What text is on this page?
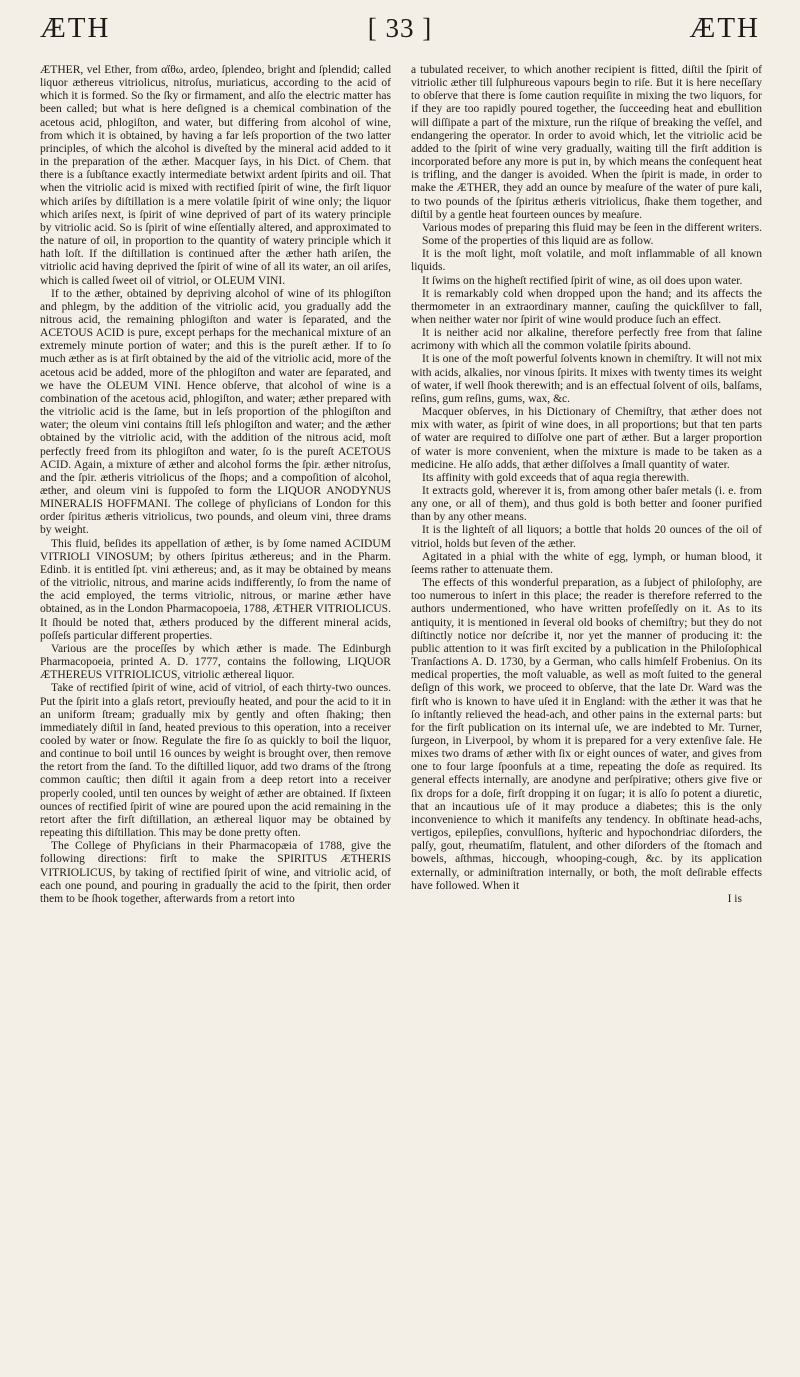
ÆTH	[ 33 ]	ÆTH

ÆTHER, vel Ether, from αἴθω, ardeo, ſplendeo, bright and ſplendid; called liquor æthereus vitriolicus, nitroſus, muriaticus, according to the acid of which it is formed. So the ſky or firmament, and alſo the electric matter has been called; but what is here deſigned is a chemical combination of the acetous acid, phlogiſton, and water, but differing from alcohol of wine, from which it is obtained, by having a far leſs proportion of the two latter principles, of which the alcohol is diveſted by the mineral acid added to it in the preparation of the æther. Macquer ſays, in his Dict. of Chem. that there is a ſubſtance exactly intermediate betwixt ardent ſpirits and oil. That when the vitriolic acid is mixed with rectified ſpirit of wine, the firſt liquor which ariſes by diſtillation is a mere volatile ſpirit of wine only; the liquor which ariſes next, is ſpirit of wine deprived of part of its watery principle by vitriolic acid. So is ſpirit of wine eſſentially altered, and approximated to the nature of oil, in proportion to the quantity of watery principle which it hath loſt. If the diſtillation is continued after the æther hath ariſen, the vitriolic acid having deprived the ſpirit of wine of all its water, an oil ariſes, which is called ſweet oil of vitriol, or OLEUM VINI.

If to the æther, obtained by depriving alcohol of wine of its phlogiſton and phlegm, by the addition of the vitriolic acid, you gradually add the nitrous acid, the remaining phlogiſton and water is ſeparated, and the ACETOUS ACID is pure, except perhaps for the mechanical mixture of an extremely minute portion of water; and this is the pureſt æther. If to ſo much æther as is at firſt obtained by the aid of the vitriolic acid, more of the acetous acid be added, more of the phlogiſton and water are ſeparated, and we have the OLEUM VINI. Hence obſerve, that alcohol of wine is a combination of the acetous acid, phlogiſton, and water; æther prepared with the vitriolic acid is the ſame, but in leſs proportion of the phlogiſton and water; the oleum vini contains ſtill leſs phlogiſton and water; and the æther obtained by the vitriolic acid, with the addition of the nitrous acid, moſt perfectly freed from its phlogiſton and water, ſo is the pureſt ACETOUS ACID. Again, a mixture of æther and alcohol forms the ſpir. æther nitroſus, and the ſpir. ætheris vitriolicus of the ſhops; and a compoſition of alcohol, æther, and oleum vini is ſuppoſed to form the LIQUOR ANODYNUS MINERALIS HOFFMANI. The college of phyſicians of London for this order ſpiritus ætheris vitriolicus, two pounds, and oleum vini, three drams by weight.

This fluid, beſides its appellation of æther, is by ſome named ACIDUM VITRIOLI VINOSUM; by others ſpiritus æthereus; and in the Pharm. Edinb. it is entitled ſpt. vini æthereus; and, as it may be obtained by means of the vitriolic, nitrous, and marine acids indifferently, ſo from the name of the acid employed, the terms vitriolic, nitrous, or marine æther have obtained, as in the London Pharmacopoeia, 1788, ÆTHER VITRIOLICUS. It ſhould be noted that, æthers produced by the different mineral acids, poſſeſs particular different properties.

Various are the proceſſes by which æther is made. The Edinburgh Pharmacopoeia, printed A. D. 1777, contains the following, LIQUOR ÆTHEREUS VITRIOLICUS, vitriolic æthereal liquor.

Take of rectified ſpirit of wine, acid of vitriol, of each thirty-two ounces. Put the ſpirit into a glaſs retort, previouſly heated, and pour the acid to it in an uniform ſtream; gradually mix by gently and often ſhaking; then immediately diſtil in ſand, heated previous to this operation, into a receiver cooled by water or ſnow. Regulate the fire ſo as quickly to boil the liquor, and continue to boil until 16 ounces by weight is brought over, then remove the retort from the ſand. To the diſtilled liquor, add two drams of the ſtrong common cauſtic; then diſtil it again from a deep retort into a receiver properly cooled, until ten ounces by weight of æther are obtained. If ſixteen ounces of rectified ſpirit of wine are poured upon the acid remaining in the retort after the firſt diſtillation, an æthereal liquor may be obtained by repeating this diſtillation. This may be done pretty often.

The College of Phyſicians in their Pharmacopæia of 1788, give the following directions: firſt to make the SPIRITUS ÆTHERIS VITRIOLICUS, by taking of rectified ſpirit of wine, and vitriolic acid, of each one pound, and pouring in gradually the acid to the ſpirit, then order them to be ſhook together, afterwards from a retort into

a tubulated receiver, to which another recipient is fitted, diſtil the ſpirit of vitriolic æther till ſulphureous vapours begin to riſe. But it is here neceſſary to obſerve that there is ſome caution requiſite in mixing the two liquors, for if they are too rapidly poured together, the ſucceeding heat and ebullition will diſſipate a part of the mixture, run the riſque of breaking the veſſel, and endangering the operator. In order to avoid which, let the vitriolic acid be added to the ſpirit of wine very gradually, waiting till the firſt addition is incorporated before any more is put in, by which means the conſequent heat is trifling, and the danger is avoided. When the ſpirit is made, in order to make the ÆTHER, they add an ounce by meaſure of the water of pure kali, to two pounds of the ſpiritus ætheris vitriolicus, ſhake them together, and diſtil by a gentle heat fourteen ounces by meaſure.

Various modes of preparing this fluid may be ſeen in the different writers.

Some of the properties of this liquid are as follow.

It is the moſt light, moſt volatile, and moſt inflammable of all known liquids.

It ſwims on the higheſt rectified ſpirit of wine, as oil does upon water.

It is remarkably cold when dropped upon the hand; and its affects the thermometer in an extraordinary manner, cauſing the quickſilver to fall, when neither water nor ſpirit of wine would produce ſuch an effect.

It is neither acid nor alkaline, therefore perfectly free from that ſaline acrimony with which all the common volatile ſpirits abound.

It is one of the moſt powerful ſolvents known in chemiſtry. It will not mix with acids, alkalies, nor vinous ſpirits. It mixes with twenty times its weight of water, if well ſhook therewith; and is an effectual ſolvent of oils, balſams, reſins, gum reſins, gums, wax, &c.

Macquer obſerves, in his Dictionary of Chemiſtry, that æther does not mix with water, as ſpirit of wine does, in all proportions; but that ten parts of water are required to diſſolve one part of æther. But a larger proportion of water is more convenient, when the mixture is made to be taken as a medicine. He alſo adds, that æther diſſolves a ſmall quantity of water.

Its affinity with gold exceeds that of aqua regia therewith.

It extracts gold, wherever it is, from among other baſer metals (i. e. from any one, or all of them), and thus gold is both better and ſooner purified than by any other means.

It is the lighteſt of all liquors; a bottle that holds 20 ounces of the oil of vitriol, holds but ſeven of the æther.

Agitated in a phial with the white of egg, lymph, or human blood, it ſeems rather to attenuate them.

The effects of this wonderful preparation, as a ſubject of philoſophy, are too numerous to inſert in this place; the reader is therefore referred to the authors undermentioned, who have written profeſſedly on it. As to its antiquity, it is mentioned in ſeveral old books of chemiſtry; but they do not diſtinctly notice nor deſcribe it, nor yet the manner of producing it: the public attention to it was firſt excited by a publication in the Philoſophical Tranſactions A. D. 1730, by a German, who calls himſelf Frobenius. On its medical properties, the moſt valuable, as well as moſt ſuited to the general deſign of this work, we proceed to obſerve, that the late Dr. Ward was the firſt who is known to have uſed it in England: with the æther it was that he ſo inſtantly relieved the head-ach, and other pains in the external parts: but for the firſt publication on its internal uſe, we are indebted to Mr. Turner, ſurgeon, in Liverpool, by whom it is prepared for a very extenſive ſale. He mixes two drams of æther with ſix or eight ounces of water, and gives from one to four large ſpoonfuls at a time, repeating the doſe as required. Its general effects internally, are anodyne and perſpirative; others give five or ſix drops for a doſe, firſt dropping it on ſugar; it is alſo ſo potent a diuretic, that an incautious uſe of it may produce a diabetes; this is the only inconvenience to which it manifeſts any tendency. In obſtinate head-achs, vertigos, epilepſies, convulſions, hyſteric and hypochondriac diſorders, the palſy, gout, rheumatiſm, flatulent, and other diſorders of the ſtomach and bowels, aſthmas, hiccough, whooping-cough, &c. by its application externally, or adminiſtration internally, or both, the moſt deſirable effects have followed. When it

I is
